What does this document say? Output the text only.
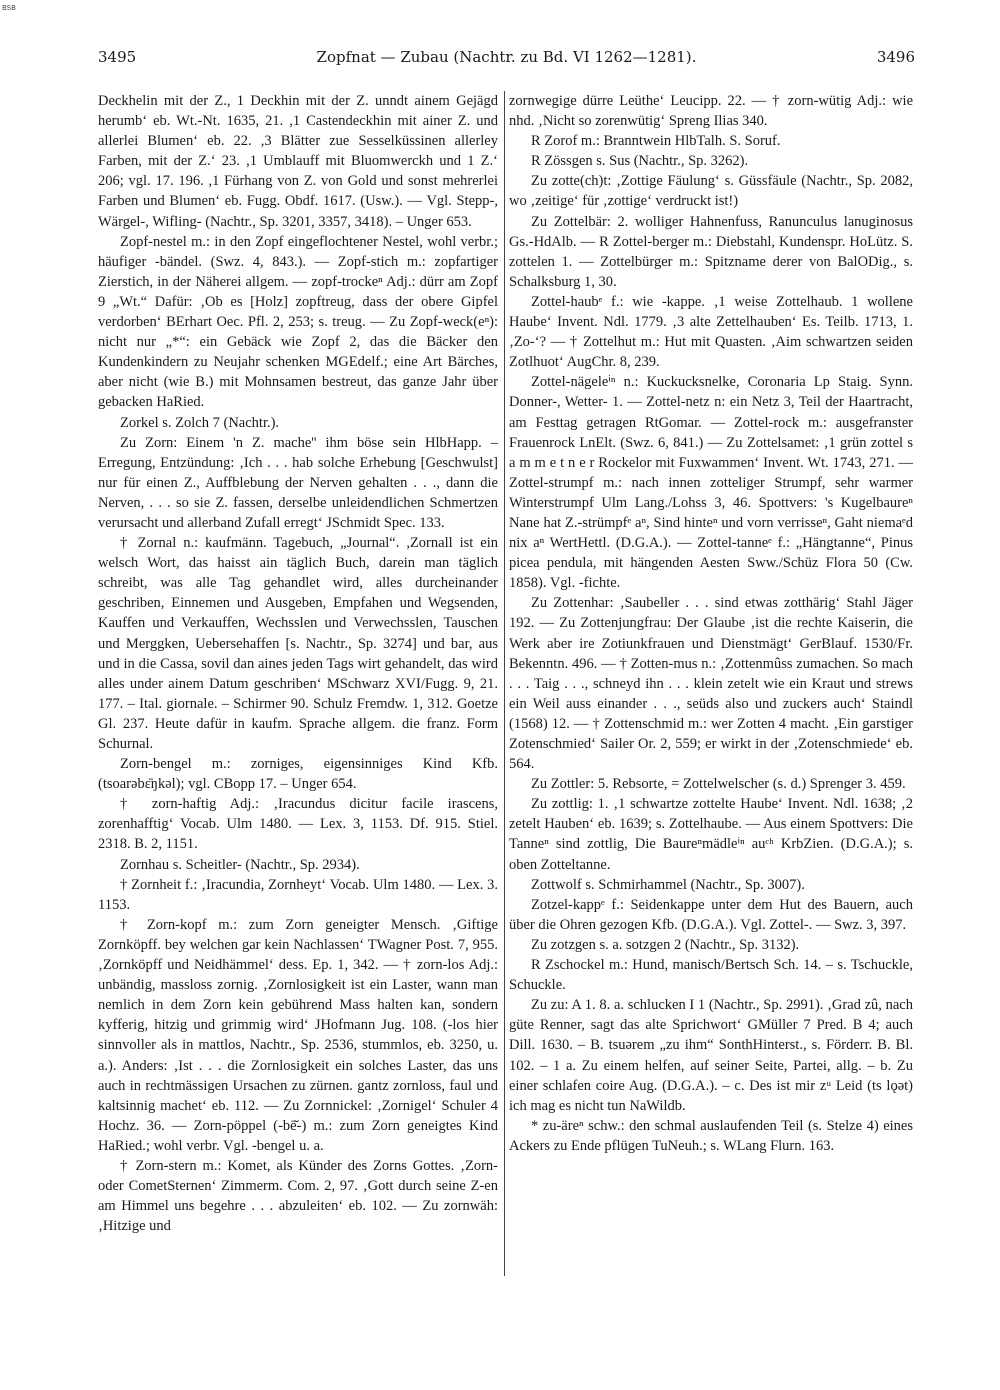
BSB
3495	Zopfnat — Zubau (Nachtr. zu Bd. VI 1262—1281).	3496

Deckhelin mit der Z., 1 Deckhin mit der Z. unndt ainem Gejägd herumb‘ eb. Wt.-Nt. 1635, 21. ,1 Castendeckhin mit ainer Z. und allerlei Blumen‘ eb. 22. ,3 Blätter zue Sesselküssinen allerley Farben, mit der Z.‘ 23. ,1 Umblauff mit Bluomwerckh und 1 Z.‘ 206; vgl. 17. 196. ,1 Fürhang von Z. von Gold und sonst mehrerlei Farben und Blumen‘ eb. Fugg. Obdf. 1617. (Usw.). — Vgl. Stepp-, Wärgel-, Wifling- (Nachtr., Sp. 3201, 3357, 3418). – Unger 653.

Zopf-nestel m.: in den Zopf eingeflochtener Nestel, wohl verbr.; häufiger -bändel. (Swz. 4, 843.). — Zopf-stich m.: zopfartiger Zierstich, in der Näherei allgem. — zopf-trockeⁿ Adj.: dürr am Zopf 9 „Wt.“ Dafür: ‚Ob es [Holz] zopftreug, dass der obere Gipfel verdorben‘ BErhart Oec. Pfl. 2, 253; s. treug. — Zu Zopf-weck(eⁿ): nicht nur „*“: ein Gebäck wie Zopf 2, das die Bäcker den Kundenkindern zu Neujahr schenken MGEdelf.; eine Art Bärches, aber nicht (wie B.) mit Mohnsamen bestreut, das ganze Jahr über gebacken HaRied.

Zorkel s. Zolch 7 (Nachtr.).

Zu Zorn: Einem 'n Z. mache'' ihm böse sein HlbHapp. – Erregung, Entzündung: ‚Ich . . . hab solche Erhebung [Geschwulst] nur für einen Z., Auffblebung der Nerven gehalten . . ., dann die Nerven, . . . so sie Z. fassen, derselbe unleidendlichen Schmertzen verursacht und allerband Zufall erregt‘ JSchmidt Spec. 133.

† Zornal n.: kaufmänn. Tagebuch, „Journal“. ,Zornall ist ein welsch Wort, das haisst ain täglich Buch, darein man täglich schreibt, was alle Tag gehandlet wird, alles durcheinander geschriben, Einnemen und Ausgeben, Empfahen und Wegsenden, Kauffen und Verkauffen, Wechsslen und Verwechsslen, Tauschen und Merggken, Uebersehaffen [s. Nachtr., Sp. 3274] und bar, aus und in die Cassa, sovil dan aines jeden Tags wirt gehandelt, das wird alles under ainem Datum geschriben‘ MSchwarz XVI/Fugg. 9, 21. 177. – Ital. giornale. – Schirmer 90. Schulz Fremdw. 1, 312. Goetze Gl. 237. Heute dafür in kaufm. Sprache allgem. die franz. Form Schurnal.

Zorn-bengel m.: zorniges, eigensinniges Kind Kfb. (tsoarəbɛ̄ŋkəl); vgl. CBopp 17. – Unger 654.

† zorn-haftig Adj.: ‚Iracundus dicitur facile irascens, zorenhafftig‘ Vocab. Ulm 1480. — Lex. 3, 1153. Df. 915. Stiel. 2318. B. 2, 1151.

Zornhau s. Scheitler- (Nachtr., Sp. 2934).

† Zornheit f.: ‚Iracundia, Zornheyt‘ Vocab. Ulm 1480. — Lex. 3. 1153.

† Zorn-kopf m.: zum Zorn geneigter Mensch. ‚Giftige Zornköpff. bey welchen gar kein Nachlassen‘ TWagner Post. 7, 955. ‚Zornköpff und Neidhämmel‘ dess. Ep. 1, 342. — † zorn-los Adj.: unbändig, massloss zornig. ‚Zornlosigkeit ist ein Laster, wann man nemlich in dem Zorn kein gebührend Mass halten kan, sondern kyfferig, hitzig und grimmig wird‘ JHofmann Jug. 108. (-los hier sinnvoller als in mattlos, Nachtr., Sp. 2536, stummlos, eb. 3250, u. a.). Anders: ‚Ist . . . die Zornlosigkeit ein solches Laster, das uns auch in rechtmässigen Ursachen zu zürnen. gantz zornloss, faul und kaltsinnig machet‘ eb. 112. — Zu Zornnickel: ‚Zornigel‘ Schuler 4 Hochz. 36. — Zorn-pöppel (-bē̆-) m.: zum Zorn geneigtes Kind HaRied.; wohl verbr. Vgl. -bengel u. a.

† Zorn-stern m.: Komet, als Künder des Zorns Gottes. ‚Zorn- oder CometSternen‘ Zimmerm. Com. 2, 97. ‚Gott durch seine Z-en am Himmel uns begehre . . . abzuleiten‘ eb. 102. — Zu zornwäh: ‚Hitzige und

zornwegige dürre Leüthe‘ Leucipp. 22. — † zorn-wütig Adj.: wie nhd. ‚Nicht so zorenwütig‘ Spreng Ilias 340.

R Zorof m.: Branntwein HlbTalh. S. Soruf.

R Zössgen s. Sus (Nachtr., Sp. 3262).

Zu zotte(ch)t: ‚Zottige Fäulung‘ s. Güssfäule (Nachtr., Sp. 2082, wo ‚zeitige‘ für ‚zottige‘ verdruckt ist!)

Zu Zottelbär: 2. wolliger Hahnenfuss, Ranunculus lanuginosus Gs.-HdAlb. — R Zottel-berger m.: Diebstahl, Kundenspr. HoLütz. S. zottelen 1. — Zottelbürger m.: Spitzname derer von BalODig., s. Schalksburg 1, 30.

Zottel-haubᵉ f.: wie -kappe. ‚1 weise Zottelhaub. 1 wollene Haube‘ Invent. Ndl. 1779. ‚3 alte Zettelhauben‘ Es. Teilb. 1713, 1. ‚Zo-‘? — † Zottelhut m.: Hut mit Quasten. ‚Aim schwartzen seiden Zotlhuot‘ AugChr. 8, 239.

Zottel-nägeleⁱⁿ n.: Kuckucksnelke, Coronaria Lp Staig. Synn. Donner-, Wetter- 1. — Zottel-netz n: ein Netz 3, Teil der Haartracht, am Festtag getragen RtGomar. — Zottel-rock m.: ausgefranster Frauenrock LnElt. (Swz. 6, 841.) — Zu Zottelsamet: ‚1 grün zottel s a m m e t n e r Rockelor mit Fuxwammen‘ Invent. Wt. 1743, 271. — Zottel-strumpf m.: nach innen zotteliger Strumpf, sehr warmer Winterstrumpf Ulm Lang./Lohss 3, 46. Spottvers: 's Kugelbaureⁿ Nane hat Z.-strümpfᵉ aⁿ, Sind hinteⁿ und vorn verrisseⁿ, Gaht niemaᵉd nix aⁿ WertHettl. (D.G.A.). — Zottel-tanneᵉ f.: „Hängtanne“, Pinus picea pendula, mit hängenden Aesten Sww./Schüz Flora 50 (Cw. 1858). Vgl. -fichte.

Zu Zottenhar: ‚Saubeller . . . sind etwas zotthärig‘ Stahl Jäger 192. — Zu Zottenjungfrau: Der Glaube ‚ist die rechte Kaiserin, die Werk aber ire Zotiunkfrauen und Dienstmägt‘ GerBlauf. 1530/Fr. Bekenntn. 496. — † Zotten-mus n.: ‚Zottenmûss zumachen. So mach . . . Taig . . ., schneyd ihn . . . klein zetelt wie ein Kraut und strews ein Weil auss einander . . ., seüds also und zuckers auch‘ Staindl (1568) 12. — † Zottenschmid m.: wer Zotten 4 macht. ‚Ein garstiger Zotenschmied‘ Sailer Or. 2, 559; er wirkt in der ‚Zotenschmiede‘ eb. 564.

Zu Zottler: 5. Rebsorte, = Zottelwelscher (s. d.) Sprenger 3. 459.

Zu zottlig: 1. ‚1 schwartze zottelte Haube‘ Invent. Ndl. 1638; ‚2 zetelt Hauben‘ eb. 1639; s. Zottelhaube. — Aus einem Spottvers: Die Tanneⁿ sind zottlig, Die Baureⁿmädleⁱⁿ auᶜʰ KrbZien. (D.G.A.); s. oben Zotteltanne.

Zottwolf s. Schmirhammel (Nachtr., Sp. 3007).

Zotzel-kappᵉ f.: Seidenkappe unter dem Hut des Bauern, auch über die Ohren gezogen Kfb. (D.G.A.). Vgl. Zottel-. — Swz. 3, 397.

Zu zotzgen s. a. sotzgen 2 (Nachtr., Sp. 3132).

R Zschockel m.: Hund, manisch/Bertsch Sch. 14. – s. Tschuckle, Schuckle.

Zu zu: A 1. 8. a. schlucken I 1 (Nachtr., Sp. 2991). ‚Grad zû, nach güte Renner, sagt das alte Sprichwort‘ GMüller 7 Pred. B 4; auch Dill. 1630. – B. tsuərem „zu ihm“ SonthHinterst., s. Förderr. B. Bl. 102. – 1 a. Zu einem helfen, auf seiner Seite, Partei, allg. – b. Zu einer schlafen coire Aug. (D.G.A.). – c. Des ist mir zᵘ Leid (ts lǫət) ich mag es nicht tun NaWildb.

* zu-äreⁿ schw.: den schmal auslaufenden Teil (s. Stelze 4) eines Ackers zu Ende pflügen TuNeuh.; s. WLang Flurn. 163.
